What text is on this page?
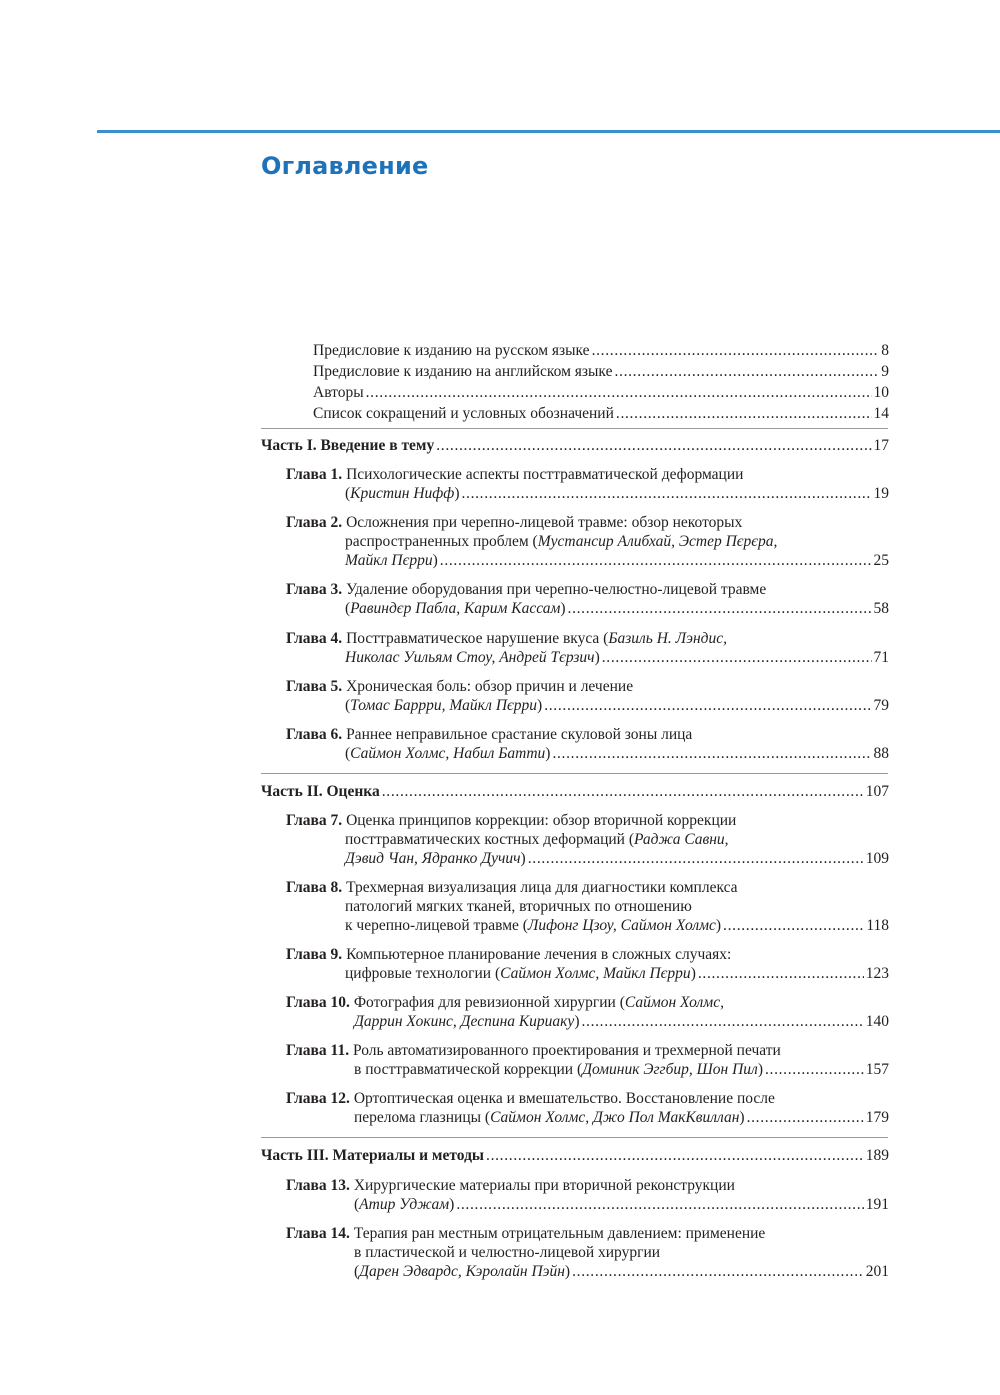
Оглавление
Предисловие к изданию на русском языке . . .	8
Предисловие к изданию на английском языке . . .	9
Авторы . . .	10
Список сокращений и условных обозначений . . .	14
Часть I. Введение в тему . . .	17
Глава 1. Психологические аспекты посттравматической деформации
(Кристин Нифф) . . .	19
Глава 2. Осложнения при черепно-лицевой травме: обзор некоторых
распространенных проблем (Мустансир Алибхай, Эстер Пєрєра,
Майкл Пєрри) . . .	25
Глава 3. Удаление оборудования при черепно-челюстно-лицевой травме
(Равиндєр Пабла, Карим Кассам) . . .	58
Глава 4. Посттравматическое нарушение вкуса (Базиль Н. Лэндис,
Николас Уильям Стоу, Андрей Тєрзич) . . .	71
Глава 5. Хроническая боль: обзор причин и лечение
(Томас Баррри, Майкл Пєрри) . . .	79
Глава 6. Раннее неправильное срастание скуловой зоны лица
(Саймон Холмс, Набил Батти) . . .	88
Часть II. Оценка . . .	107
Глава 7. Оценка принципов коррекции: обзор вторичной коррекции
посттравматических костных деформаций (Раджа Савни,
Дэвид Чан, Ядранко Дучич) . . .	109
Глава 8. Трехмерная визуализация лица для диагностики комплекса
патологий мягких тканей, вторичных по отношению
к черепно-лицевой травме (Лифонг Цзоу, Саймон Холмс) . . .	118
Глава 9. Компьютерное планирование лечения в сложных случаях:
цифровые технологии (Саймон Холмс, Майкл Пєрри) . . .	123
Глава 10. Фотография для ревизионной хирургии (Саймон Холмс,
Даррин Хокинс, Деспина Кириаку) . . .	140
Глава 11. Роль автоматизированного проектирования и трехмерной печати
в посттравматической коррекции (Доминик Эггбир, Шон Пил) . . .	157
Глава 12. Ортоптическая оценка и вмешательство. Восстановление после
перелома глазницы (Саймон Холмс, Джо Пол МакКвиллан) . . .	179
Часть III. Материалы и методы . . .	189
Глава 13. Хирургические материалы при вторичной реконструкции
(Атир Уджам) . . .	191
Глава 14. Терапия ран местным отрицательным давлением: применение
в пластической и челюстно-лицевой хирургии
(Дарен Эдвардс, Кэролайн Пэйн) . . .	201
